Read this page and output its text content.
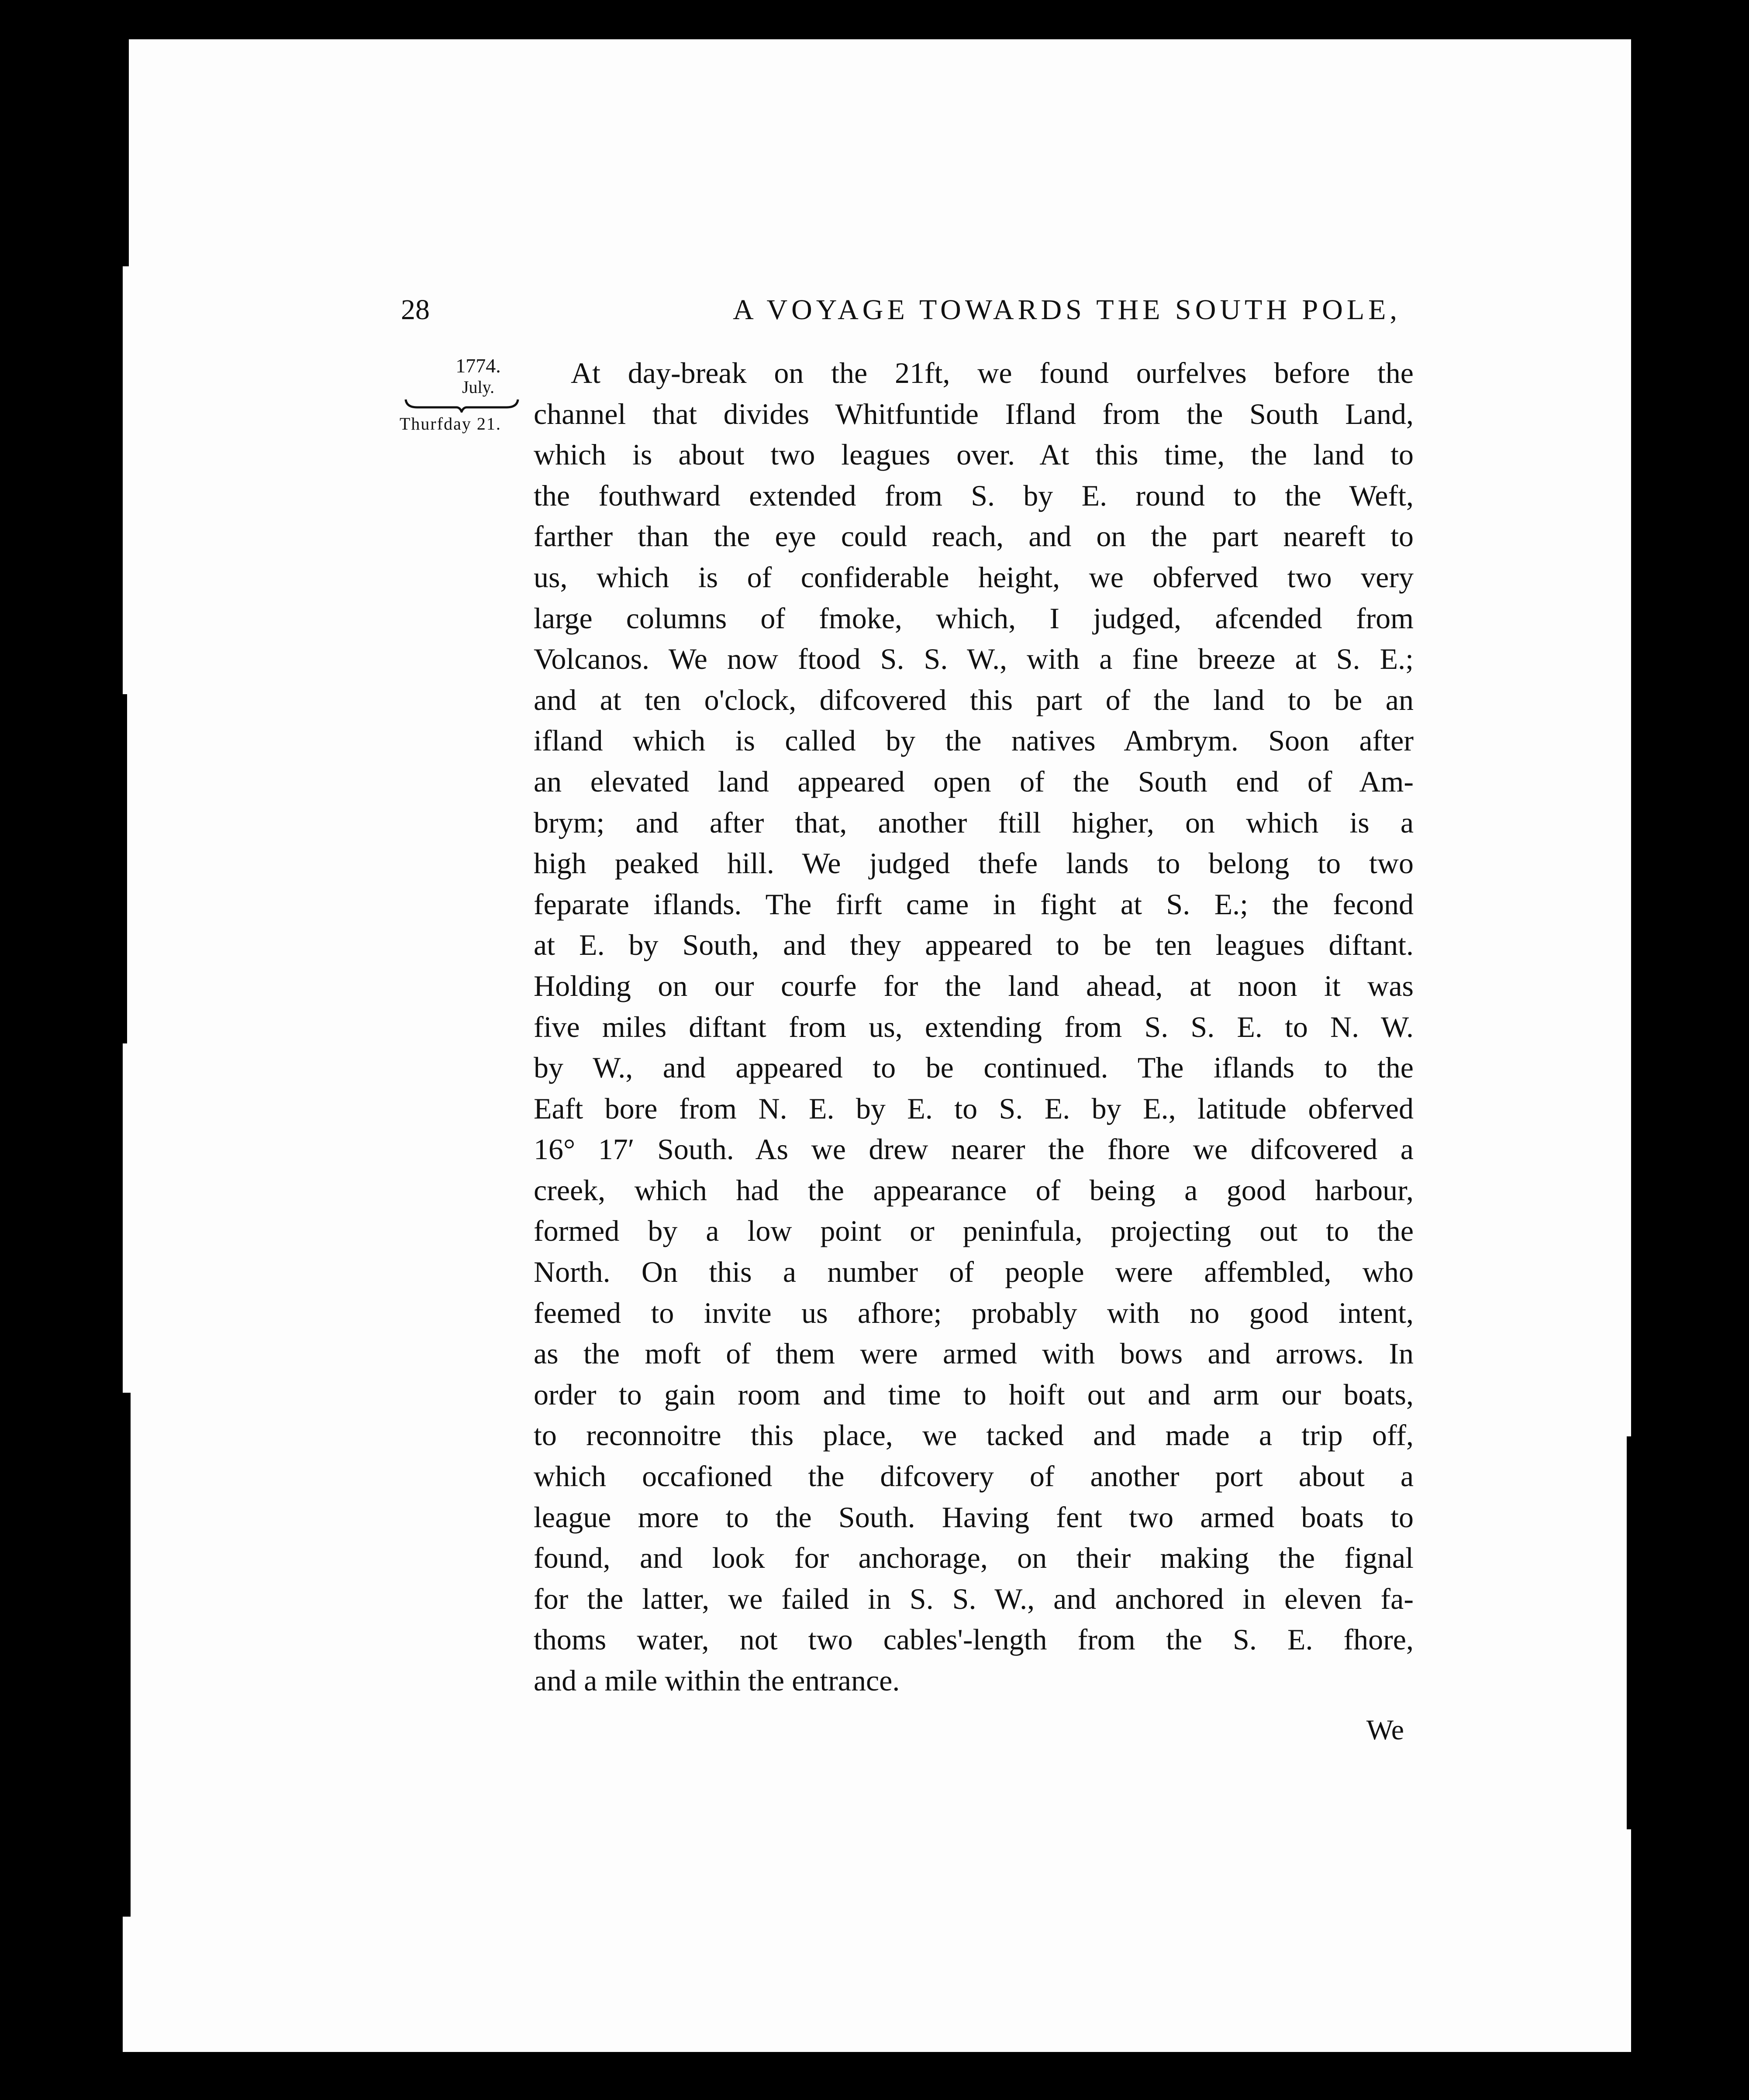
28	A VOYAGE TOWARDS THE SOUTH POLE,
1774.
July.
Thurfday 21.
At day-break on the 21ft, we found ourfelves before the
channel that divides Whitfuntide Ifland from the South Land,
which is about two leagues over. At this time, the land to
the fouthward extended from S. by E. round to the Weft,
farther than the eye could reach, and on the part neareft to
us, which is of confiderable height, we obferved two very
large columns of fmoke, which, I judged, afcended from
Volcanos. We now ftood S. S. W., with a fine breeze at S. E.;
and at ten o'clock, difcovered this part of the land to be an
ifland which is called by the natives Ambrym. Soon after
an elevated land appeared open of the South end of Am-
brym; and after that, another ftill higher, on which is a
high peaked hill. We judged thefe lands to belong to two
feparate iflands. The firft came in fight at S. E.; the fecond
at E. by South, and they appeared to be ten leagues diftant.
Holding on our courfe for the land ahead, at noon it was
five miles diftant from us, extending from S. S. E. to N. W.
by W., and appeared to be continued. The iflands to the
Eaft bore from N. E. by E. to S. E. by E., latitude obferved
16° 17′ South. As we drew nearer the fhore we difcovered a
creek, which had the appearance of being a good harbour,
formed by a low point or peninfula, projecting out to the
North. On this a number of people were affembled, who
feemed to invite us afhore; probably with no good intent,
as the moft of them were armed with bows and arrows. In
order to gain room and time to hoift out and arm our boats,
to reconnoitre this place, we tacked and made a trip off,
which occafioned the difcovery of another port about a
league more to the South. Having fent two armed boats to
found, and look for anchorage, on their making the fignal
for the latter, we failed in S. S. W., and anchored in eleven fa-
thoms water, not two cables'-length from the S. E. fhore,
and a mile within the entrance.
We
